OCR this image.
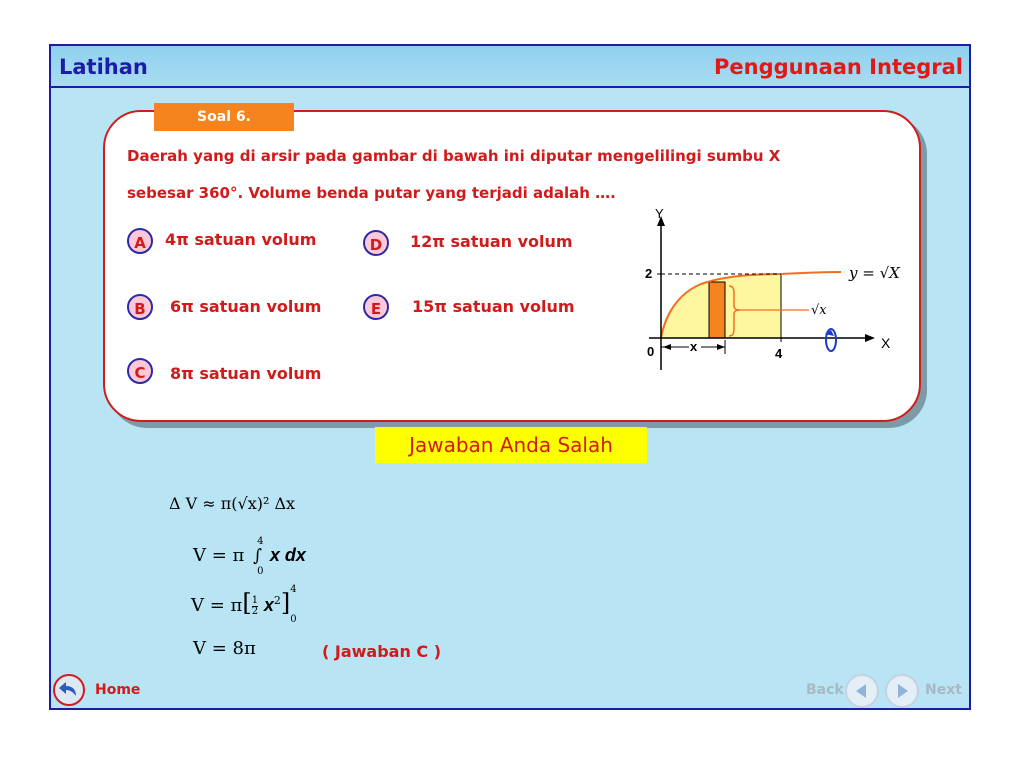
Latihan	Penggunaan Integral
Soal 6.
Daerah yang di arsir pada gambar di bawah ini diputar mengelilingi sumbu X
sebesar 360°. Volume benda putar yang terjadi adalah ….
A	4π satuan volum
B	6π satuan volum
C	8π satuan volum
D	12π satuan volum
E	15π satuan volum
Y
X
0	4
2
x
√x
y = √X
Jawaban Anda Salah
Δ V ≈ π(√x)² Δx
V = π ∫
4
0
x dx
$V = \pi[ \frac{1}{2} x^2]$ 4
0
V = 8π	( Jawaban C )
Home	Back	Next
